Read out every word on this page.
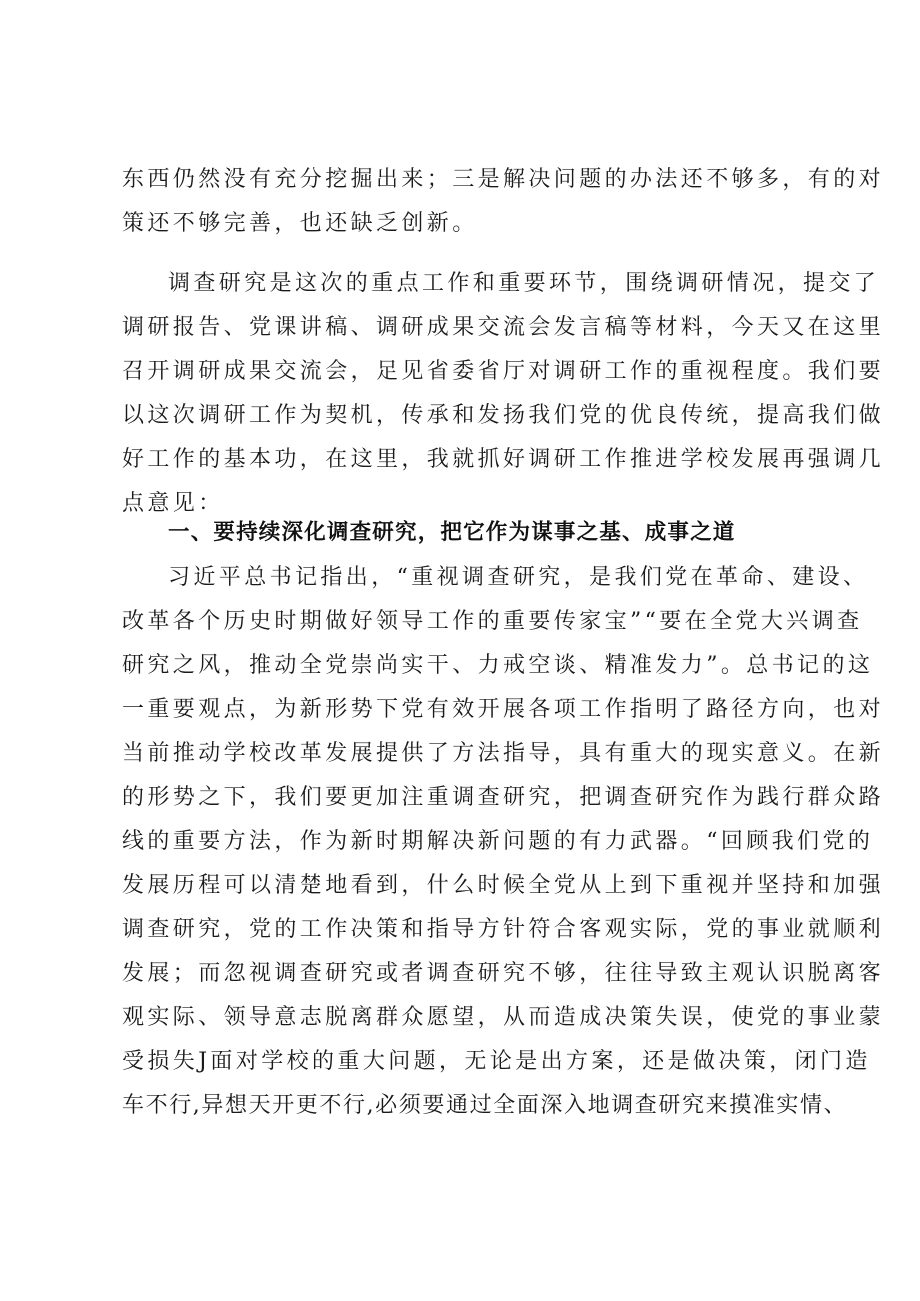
东西仍然没有充分挖掘出来；三是解决问题的办法还不够多，有的对
策还不够完善，也还缺乏创新。
调查研究是这次的重点工作和重要环节，围绕调研情况，提交了
调研报告、党课讲稿、调研成果交流会发言稿等材料，今天又在这里
召开调研成果交流会，足见省委省厅对调研工作的重视程度。我们要
以这次调研工作为契机，传承和发扬我们党的优良传统，提高我们做
好工作的基本功，在这里，我就抓好调研工作推进学校发展再强调几
点意见：
一、要持续深化调查研究，把它作为谋事之基、成事之道
习近平总书记指出，“重视调查研究，是我们党在革命、建设、
改革各个历史时期做好领导工作的重要传家宝”“要在全党大兴调查
研究之风，推动全党崇尚实干、力戒空谈、精准发力”。总书记的这
一重要观点，为新形势下党有效开展各项工作指明了路径方向，也对
当前推动学校改革发展提供了方法指导，具有重大的现实意义。在新
的形势之下，我们要更加注重调查研究，把调查研究作为践行群众路
线的重要方法，作为新时期解决新问题的有力武器。“回顾我们党的
发展历程可以清楚地看到，什么时候全党从上到下重视并坚持和加强
调查研究，党的工作决策和指导方针符合客观实际，党的事业就顺利
发展；而忽视调查研究或者调查研究不够，往往导致主观认识脱离客
观实际、领导意志脱离群众愿望，从而造成决策失误，使党的事业蒙
受损失J面对学校的重大问题，无论是出方案，还是做决策，闭门造
车不行,异想天开更不行,必须要通过全面深入地调查研究来摸准实情、
